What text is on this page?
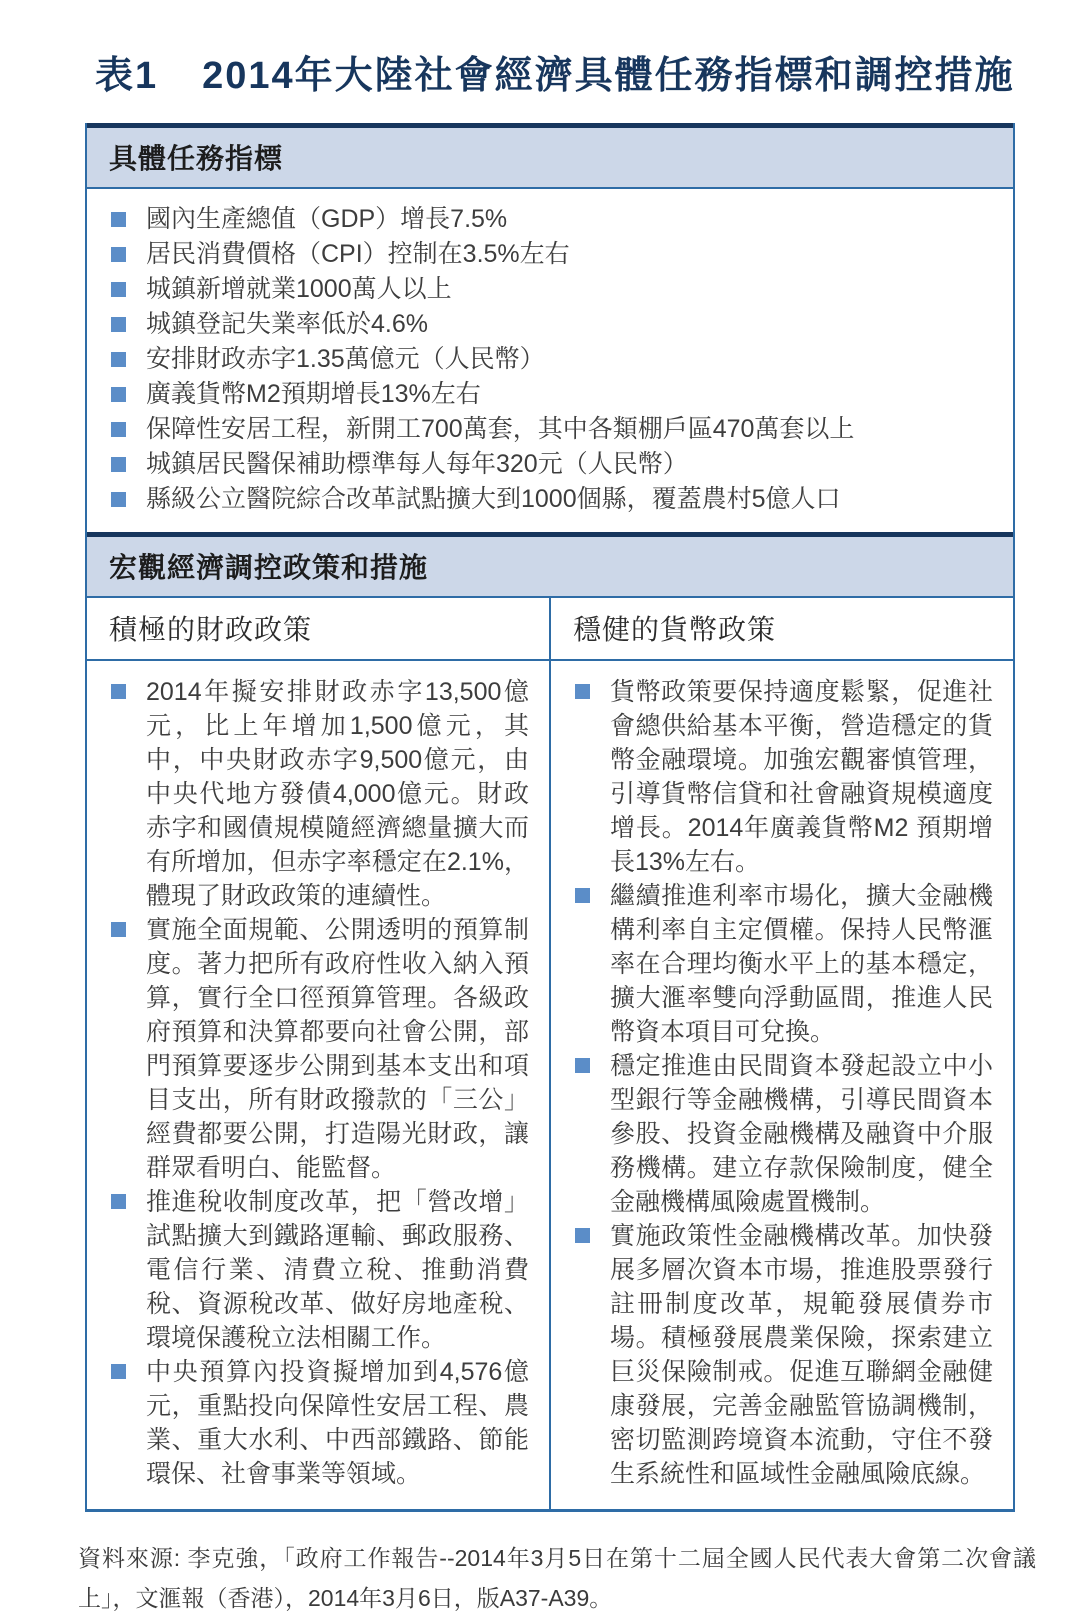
表1 2014年大陸社會經濟具體任務指標和調控措施
具體任務指標
國內生產總值（GDP）增長7.5%
居民消費價格（CPI）控制在3.5%左右
城鎮新增就業1000萬人以上
城鎮登記失業率低於4.6%
安排財政赤字1.35萬億元（人民幣）
廣義貨幣M2預期增長13%左右
保障性安居工程，新開工700萬套，其中各類棚戶區470萬套以上
城鎮居民醫保補助標準每人每年320元（人民幣）
縣級公立醫院綜合改革試點擴大到1000個縣，覆蓋農村5億人口
宏觀經濟調控政策和措施
積極的財政政策	穩健的貨幣政策
2014年擬安排財政赤字13,500億元，比上年增加1,500億元，其中，中央財政赤字9,500億元，由中央代地方發債4,000億元。財政赤字和國債規模隨經濟總量擴大而有所增加，但赤字率穩定在2.1%，體現了財政政策的連續性。
實施全面規範、公開透明的預算制度。著力把所有政府性收入納入預算，實行全口徑預算管理。各級政府預算和決算都要向社會公開，部門預算要逐步公開到基本支出和項目支出，所有財政撥款的「三公」經費都要公開，打造陽光財政，讓群眾看明白、能監督。
推進稅收制度改革，把「營改增」試點擴大到鐵路運輸、郵政服務、電信行業、清費立稅、推動消費稅、資源稅改革、做好房地產稅、環境保護稅立法相關工作。
中央預算內投資擬增加到4,576億元，重點投向保障性安居工程、農業、重大水利、中西部鐵路、節能環保、社會事業等領域。
貨幣政策要保持適度鬆緊，促進社會總供給基本平衡，營造穩定的貨幣金融環境。加強宏觀審慎管理，引導貨幣信貸和社會融資規模適度增長。2014年廣義貨幣M2 預期增長13%左右。
繼續推進利率市場化，擴大金融機構利率自主定價權。保持人民幣滙率在合理均衡水平上的基本穩定，擴大滙率雙向浮動區間，推進人民幣資本項目可兌換。
穩定推進由民間資本發起設立中小型銀行等金融機構，引導民間資本參股、投資金融機構及融資中介服務機構。建立存款保險制度，健全金融機構風險處置機制。
實施政策性金融機構改革。加快發展多層次資本市場，推進股票發行註冊制度改革，規範發展債券市場。積極發展農業保險，探索建立巨災保險制戒。促進互聯網金融健康發展，完善金融監管協調機制，密切監測跨境資本流動，守住不發生系統性和區域性金融風險底線。
資料來源: 李克強，「政府工作報告--2014年3月5日在第十二屆全國人民代表大會第二次會議上」，文滙報（香港），2014年3月6日，版A37-A39。
